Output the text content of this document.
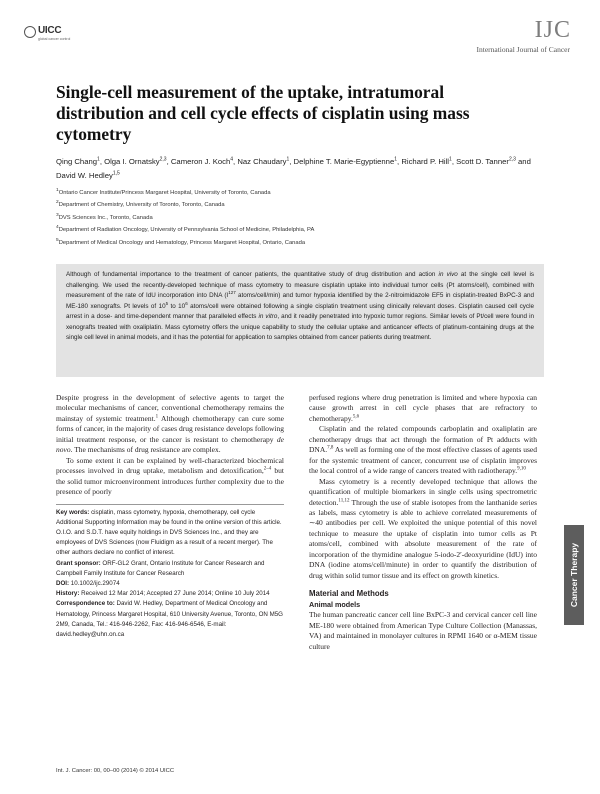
UICC
global cancer control	IJC
International Journal of Cancer
Single-cell measurement of the uptake, intratumoral distribution and cell cycle effects of cisplatin using mass cytometry
Qing Chang$^1$, Olga I. Ornatsky$^{2,3}$, Cameron J. Koch$^4$, Naz Chaudary$^1$, Delphine T. Marie-Egyptienne$^1$, Richard P. Hill$^1$, Scott D. Tanner$^{2,3}$ and David W. Hedley$^{1,5}$
$^1$Ontario Cancer Institute/Princess Margaret Hospital, University of Toronto, Canada
$^2$Department of Chemistry, University of Toronto, Toronto, Canada
$^3$DVS Sciences Inc., Toronto, Canada
$^4$Department of Radiation Oncology, University of Pennsylvania School of Medicine, Philadelphia, PA
$^5$Department of Medical Oncology and Hematology, Princess Margaret Hospital, Ontario, Canada

Although of fundamental importance to the treatment of cancer patients, the quantitative study of drug distribution and action in vivo at the single cell level is challenging. We used the recently-developed technique of mass cytometry to measure cisplatin uptake into individual tumor cells (Pt atoms/cell), combined with measurement of the rate of IdU incorporation into DNA ($I^{127}$ atoms/cell/min) and tumor hypoxia identified by the 2-nitroimidazole EF5 in cisplatin-treated BxPC-3 and ME-180 xenografts. Pt levels of $10^5$ to $10^6$ atoms/cell were obtained following a single cisplatin treatment using clinically relevant doses. Cisplatin caused cell cycle arrest in a dose- and time-dependent manner that paralleled effects in vitro, and it readily penetrated into hypoxic tumor regions. Similar levels of Pt/cell were found in xenografts treated with oxaliplatin. Mass cytometry offers the unique capability to study the cellular uptake and anticancer effects of platinum-containing drugs at the single cell level in animal models, and it has the potential for application to samples obtained from cancer patients during treatment.

Despite progress in the development of selective agents to target the molecular mechanisms of cancer, conventional chemotherapy remains the mainstay of systemic treatment.$^1$ Although chemotherapy can cure some forms of cancer, in the majority of cases drug resistance develops following initial treatment response, or the cancer is resistant to chemotherapy de novo. The mechanisms of drug resistance are complex.

To some extent it can be explained by well-characterized biochemical processes involved in drug uptake, metabolism and detoxification,$^{2-4}$ but the solid tumor microenvironment introduces further complexity due to the presence of poorly

Key words: cisplatin, mass cytometry, hypoxia, chemotherapy, cell cycle
Additional Supporting Information may be found in the online version of this article.
O.I.O. and S.D.T. have equity holdings in DVS Sciences Inc., and they are employees of DVS Sciences (now Fluidigm as a result of a recent merger). The other authors declare no conflict of interest.
Grant sponsor: ORF-GL2 Grant, Ontario Institute for Cancer Research and Campbell Family Institute for Cancer Research
DOI: 10.1002/ijc.29074
History: Received 12 Mar 2014; Accepted 27 June 2014; Online 10 July 2014
Correspondence to: David W. Hedley, Department of Medical Oncology and Hematology, Princess Margaret Hospital, 610 University Avenue, Toronto, ON M5G 2M9, Canada, Tel.: 416-946-2262, Fax: 416-946-6546, E-mail: david.hedley@uhn.on.ca

perfused regions where drug penetration is limited and where hypoxia can cause growth arrest in cell cycle phases that are refractory to chemotherapy.$^{5,6}$

Cisplatin and the related compounds carboplatin and oxaliplatin are chemotherapy drugs that act through the formation of Pt adducts with DNA.$^{7,8}$ As well as forming one of the most effective classes of agents used for the systemic treatment of cancer, concurrent use of cisplatin improves the local control of a wide range of cancers treated with radiotherapy.$^{9,10}$

Mass cytometry is a recently developed technique that allows the quantification of multiple biomarkers in single cells using spectrometric detection.$^{11,12}$ Through the use of stable isotopes from the lanthanide series as labels, mass cytometry is able to achieve correlated measurements of ∼40 antibodies per cell. We exploited the unique potential of this novel technique to measure the uptake of cisplatin into tumor cells as Pt atoms/cell, combined with absolute measurement of the rate of incorporation of the thymidine analogue 5-iodo-2′-deoxyuridine (IdU) into DNA (iodine atoms/cell/minute) in order to quantify the distribution of drug within solid tumor tissue and its effect on growth kinetics.

Material and Methods
Animal models

The human pancreatic cancer cell line BxPC-3 and cervical cancer cell line ME-180 were obtained from American Type Culture Collection (Manassas, VA) and maintained in monolayer cultures in RPMI 1640 or α-MEM tissue culture

Cancer Therapy
Int. J. Cancer: 00, 00–00 (2014) © 2014 UICC
